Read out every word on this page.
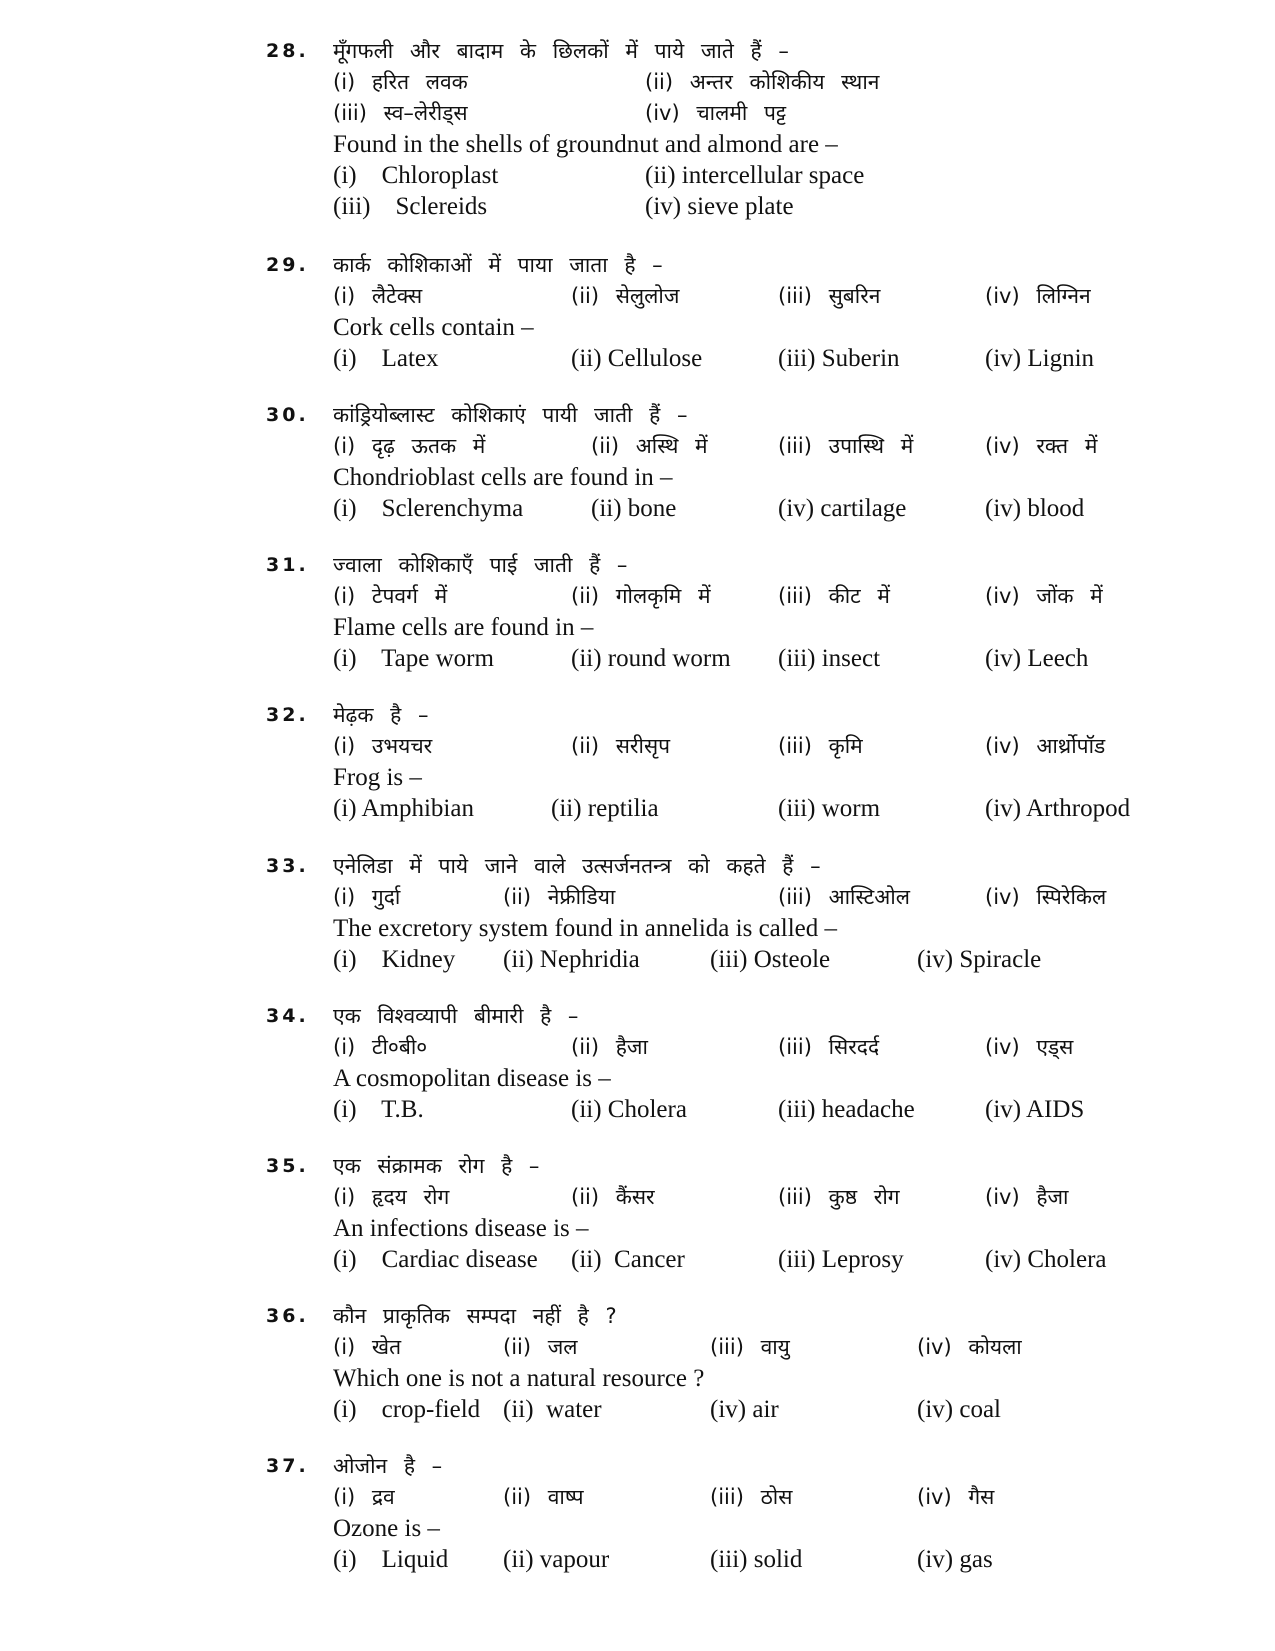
28. मूँगफली और बादाम के छिलकों में पाये जाते हैं –
(i) हरित लवक	(ii) अन्तर कोशिकीय स्थान
(iii) स्व–लेरीड्स	(iv) चालमी पट्ट
Found in the shells of groundnut and almond are –
(i)    Chloroplast	(ii) intercellular space
(iii)    Sclereids	(iv) sieve plate
29. कार्क कोशिकाओं में पाया जाता है –
(i) लैटेक्स	(ii) सेलुलोज	(iii) सुबरिन	(iv) लिग्निन
Cork cells contain –
(i)    Latex	(ii) Cellulose	(iii) Suberin	(iv) Lignin
30. कांड्रियोब्लास्ट कोशिकाएं पायी जाती हैं –
(i) दृढ़ ऊतक में	(ii) अस्थि में	(iii) उपास्थि में	(iv) रक्त में
Chondrioblast cells are found in –
(i)    Sclerenchyma	(ii) bone	(iv) cartilage	(iv) blood
31. ज्वाला कोशिकाएँ पाई जाती हैं –
(i) टेपवर्ग में	(ii) गोलकृमि में	(iii) कीट में	(iv) जोंक में
Flame cells are found in –
(i)    Tape worm	(ii) round worm (iii) insect	(iv) Leech
32. मेढ़क है –
(i) उभयचर	(ii) सरीसृप	(iii) कृमि	(iv) आर्थ्रोपॉड
Frog is –
(i) Amphibian	(ii) reptilia	(iii) worm	(iv) Arthropod
33. एनेलिडा में पाये जाने वाले उत्सर्जनतन्त्र को कहते हैं –
(i) गुर्दा	(ii) नेफ्रीडिया	(iii) आस्टिओल	(iv) स्पिरेकिल
The excretory system found in annelida is called –
(i)    Kidney (ii) Nephridia	(iii) Osteole	(iv) Spiracle
34. एक विश्वव्यापी बीमारी है –
(i) टी०बी०	(ii) हैजा	(iii) सिरदर्द	(iv) एड्स
A cosmopolitan disease is –
(i)    T.B.	(ii) Cholera	(iii) headache	(iv) AIDS
35. एक संक्रामक रोग है –
(i) हृदय रोग	(ii) कैंसर	(iii) कुष्ठ रोग	(iv) हैजा
An infections disease is –
(i)    Cardiac disease (ii)  Cancer	(iii) Leprosy	(iv) Cholera
36. कौन प्राकृतिक सम्पदा नहीं है ?
(i) खेत	(ii) जल	(iii) वायु	(iv) कोयला
Which one is not a natural resource ?
(i)    crop-field (ii)  water	(iv) air	(iv) coal
37. ओजोन है –
(i) द्रव	(ii) वाष्प	(iii) ठोस	(iv) गैस
Ozone is –
(i)    Liquid (ii) vapour	(iii) solid	(iv) gas
